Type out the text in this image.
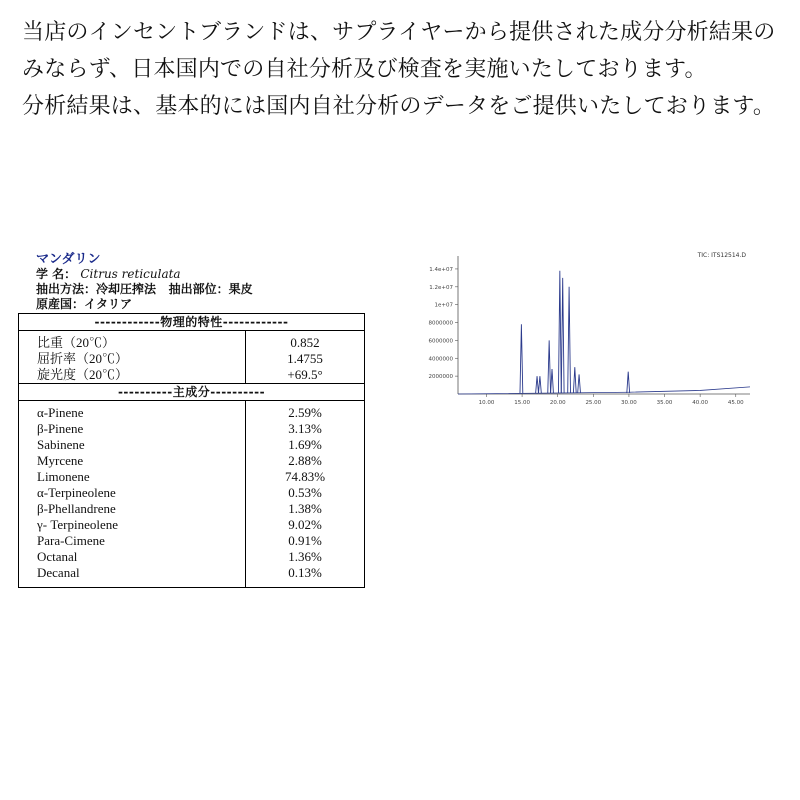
当店のインセントブランドは、サプライヤーから提供された成分分析結果のみならず、日本国内での自社分析及び検査を実施いたしております。

分析結果は、基本的には国内自社分析のデータをご提供いたしております。

マンダリン
学 名： Citrus reticulata
抽出方法：冷却圧搾法 抽出部位：果皮
原産国：イタリア
------------物理的特性------------	
比重（20℃）	0.852
屈折率（20℃）	1.4755
旋光度（20℃）	+69.5°
----------主成分----------	
α-Pinene	2.59%
β-Pinene	3.13%
Sabinene	1.69%
Myrcene	2.88%
Limonene	74.83%
α-Terpineolene	0.53%
β-Phellandrene	1.38%
γ- Terpineolene	9.02%
Para-Cimene	0.91%
Octanal	1.36%
Decanal	0.13%
TIC: ITS12514.D
1.4e+07
1.2e+07
1e+07
8000000
6000000
4000000
2000000
10.00	15.00	20.00	25.00	30.00	35.00	40.00	45.00
